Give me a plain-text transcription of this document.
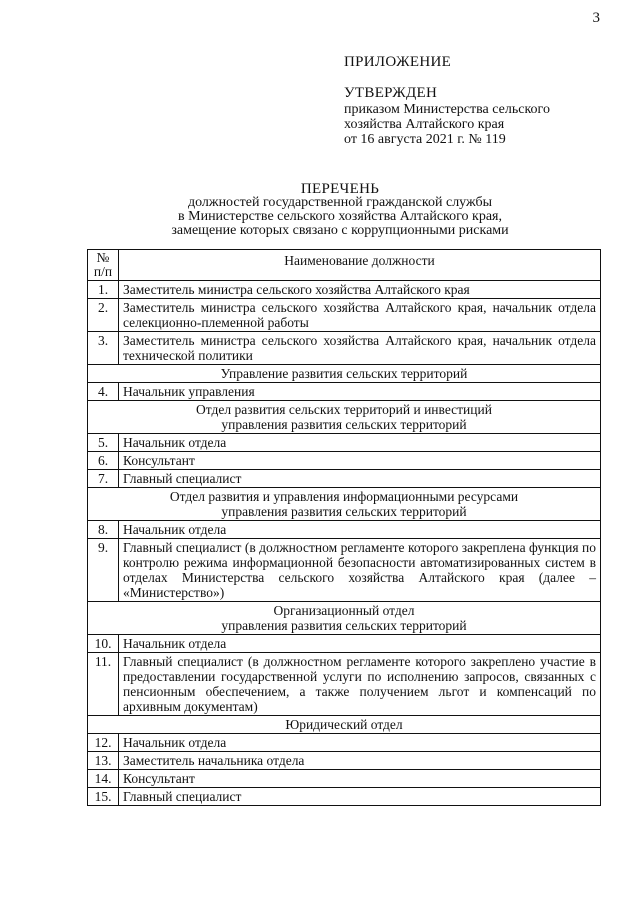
3
ПРИЛОЖЕНИЕ
УТВЕРЖДЕН
приказом Министерства сельского
хозяйства Алтайского края
от 16 августа 2021 г. № 119
ПЕРЕЧЕНЬ
должностей государственной гражданской службы
в Министерстве сельского хозяйства Алтайского края,
замещение которых связано с коррупционными рисками
№
п/п	Наименование должности
1.	Заместитель министра сельского хозяйства Алтайского края
2.	Заместитель министра сельского хозяйства Алтайского края, начальник отдела селекционно-племенной работы
3.	Заместитель министра сельского хозяйства Алтайского края, начальник отдела технической политики

Управление развития сельских территорий	

4.	Начальник управления

Отдел развития сельских территорий и инвестиций
управления развития сельских территорий	

5.	Начальник отдела
6.	Консультант
7.	Главный специалист

Отдел развития и управления информационными ресурсами
управления развития сельских территорий	

8.	Начальник отдела
9.	Главный специалист (в должностном регламенте которого закреплена функция по контролю режима информационной безопасности автоматизированных систем в отделах Министерства сельского хозяйства Алтайского края (далее – «Министерство»)

Организационный отдел
управления развития сельских территорий	

10.	Начальник отдела
11.	Главный специалист (в должностном регламенте которого закреплено участие в предоставлении государственной услуги по исполнению запросов, связанных с пенсионным обеспечением, а также получением льгот и компенсаций по архивным документам)

Юридический отдел	

12.	Начальник отдела
13.	Заместитель начальника отдела
14.	Консультант
15.	Главный специалист
